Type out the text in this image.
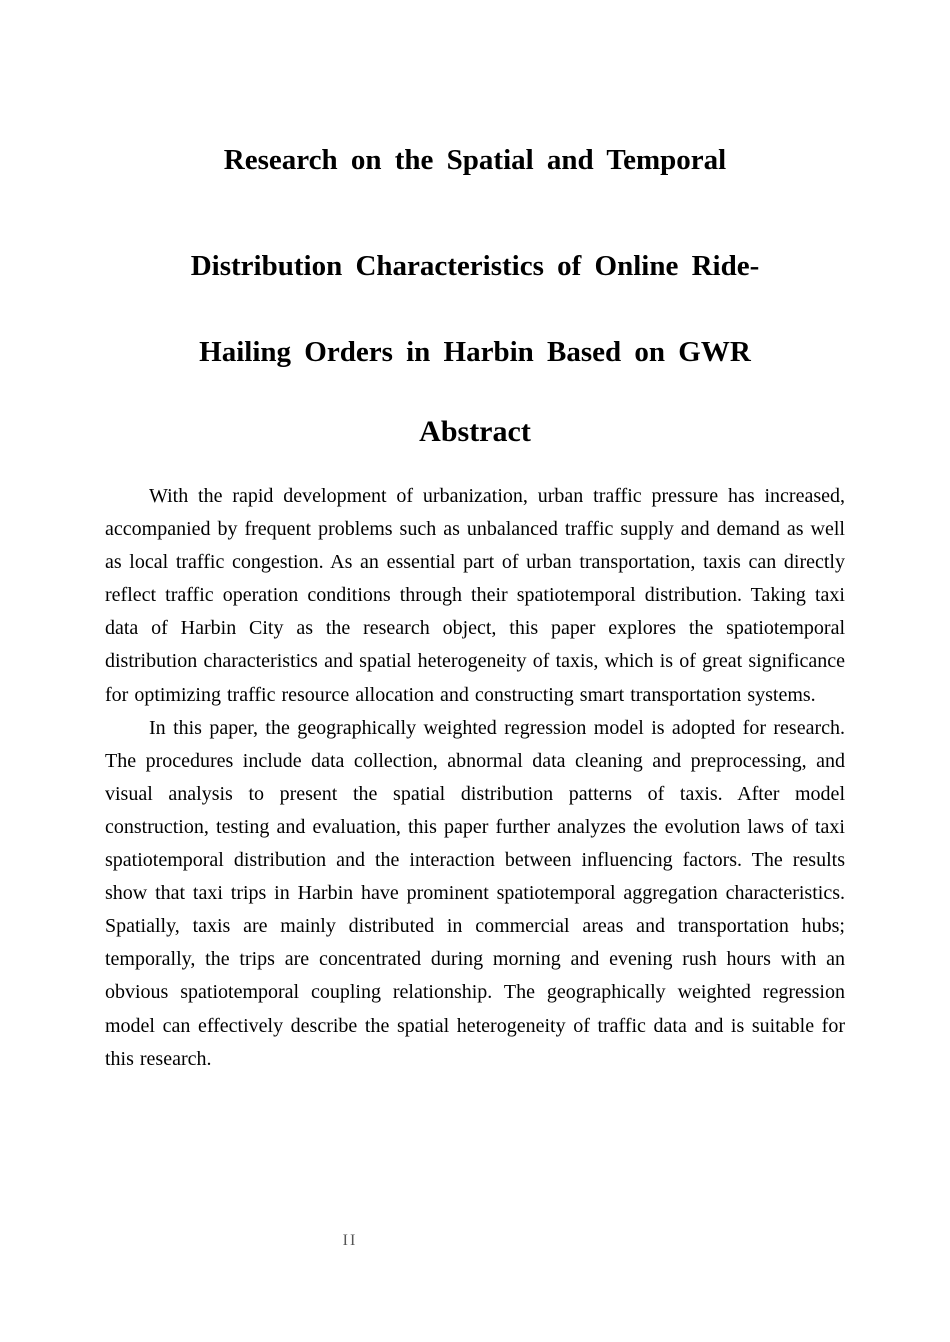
Research on the Spatial and Temporal
Distribution Characteristics of Online Ride-
Hailing Orders in Harbin Based on GWR
Abstract

With the rapid development of urbanization, urban traffic pressure has increased, accompanied by frequent problems such as unbalanced traffic supply and demand as well as local traffic congestion. As an essential part of urban transportation, taxis can directly reflect traffic operation conditions through their spatiotemporal distribution. Taking taxi data of Harbin City as the research object, this paper explores the spatiotemporal distribution characteristics and spatial heterogeneity of taxis, which is of great significance for optimizing traffic resource allocation and constructing smart transportation systems.

In this paper, the geographically weighted regression model is adopted for research. The procedures include data collection, abnormal data cleaning and preprocessing, and visual analysis to present the spatial distribution patterns of taxis. After model construction, testing and evaluation, this paper further analyzes the evolution laws of taxi spatiotemporal distribution and the interaction between influencing factors. The results show that taxi trips in Harbin have prominent spatiotemporal aggregation characteristics. Spatially, taxis are mainly distributed in commercial areas and transportation hubs; temporally, the trips are concentrated during morning and evening rush hours with an obvious spatiotemporal coupling relationship. The geographically weighted regression model can effectively describe the spatial heterogeneity of traffic data and is suitable for this research.

II
